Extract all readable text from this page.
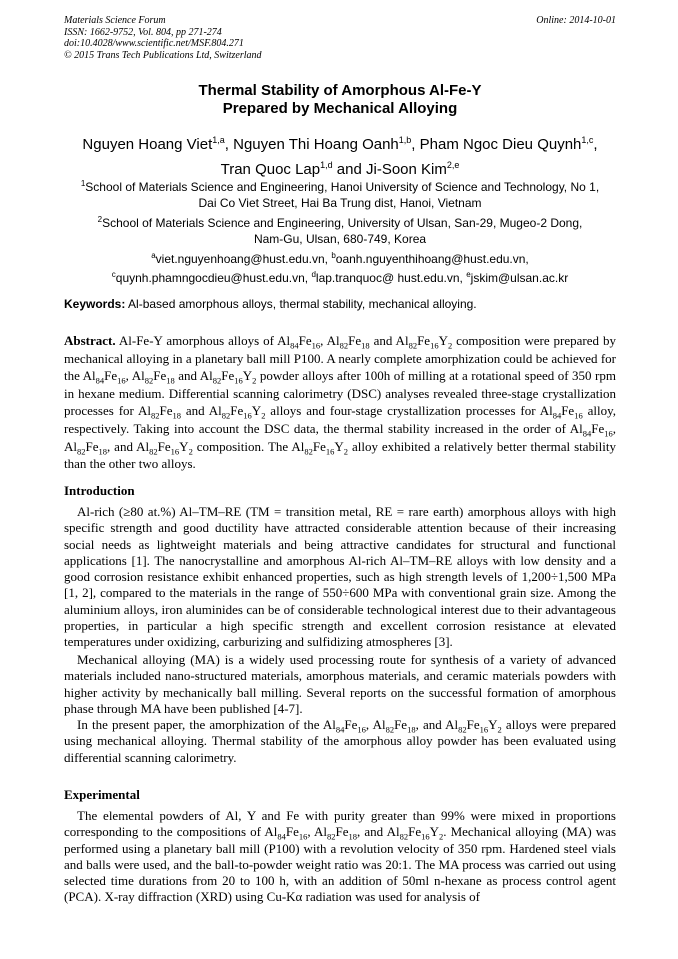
Materials Science Forum
ISSN: 1662-9752, Vol. 804, pp 271-274
doi:10.4028/www.scientific.net/MSF.804.271
© 2015 Trans Tech Publications Ltd, Switzerland
Online: 2014-10-01
Thermal Stability of Amorphous Al-Fe-Y
Prepared by Mechanical Alloying
Nguyen Hoang Viet$^{1,a}$, Nguyen Thi Hoang Oanh$^{1,b}$, Pham Ngoc Dieu Quynh$^{1,c}$,
Tran Quoc Lap$^{1,d}$ and Ji-Soon Kim$^{2,e}$
$^1$School of Materials Science and Engineering, Hanoi University of Science and Technology, No 1,
Dai Co Viet Street, Hai Ba Trung dist, Hanoi, Vietnam
$^2$School of Materials Science and Engineering, University of Ulsan, San-29, Mugeo-2 Dong,
Nam-Gu, Ulsan, 680-749, Korea
$^a$viet.nguyenhoang@hust.edu.vn, $^b$oanh.nguyenthihoang@hust.edu.vn,
$^c$quynh.phamngocdieu@hust.edu.vn, $^d$lap.tranquoc@ hust.edu.vn, $^e$jskim@ulsan.ac.kr
Keywords: Al-based amorphous alloys, thermal stability, mechanical alloying.
Abstract. Al-Fe-Y amorphous alloys of $Al_{84}Fe_{16}$, $Al_{82}Fe_{18}$ and $Al_{82}Fe_{16}Y_2$ composition were prepared by mechanical alloying in a planetary ball mill P100. A nearly complete amorphization could be achieved for the $Al_{84}Fe_{16}$, $Al_{82}Fe_{18}$ and $Al_{82}Fe_{16}Y_2$ powder alloys after 100h of milling at a rotational speed of 350 rpm in hexane medium. Differential scanning calorimetry (DSC) analyses revealed three-stage crystallization processes for $Al_{82}Fe_{18}$ and $Al_{82}Fe_{16}Y_2$ alloys and four-stage crystallization processes for $Al_{84}Fe_{16}$ alloy, respectively. Taking into account the DSC data, the thermal stability increased in the order of $Al_{84}Fe_{16}$, $Al_{82}Fe_{18}$, and $Al_{82}Fe_{16}Y_2$ composition. The $Al_{82}Fe_{16}Y_2$ alloy exhibited a relatively better thermal stability than the other two alloys.
Introduction
Al-rich (≥80 at.%) Al–TM–RE (TM = transition metal, RE = rare earth) amorphous alloys with high specific strength and good ductility have attracted considerable attention because of their increasing social needs as lightweight materials and being attractive candidates for structural and functional applications [1]. The nanocrystalline and amorphous Al-rich Al–TM–RE alloys with low density and a good corrosion resistance exhibit enhanced properties, such as high strength levels of 1,200÷1,500 MPa [1, 2], compared to the materials in the range of 550÷600 MPa with conventional grain size. Among the aluminium alloys, iron aluminides can be of considerable technological interest due to their advantageous properties, in particular a high specific strength and excellent corrosion resistance at elevated temperatures under oxidizing, carburizing and sulfidizing atmospheres [3].
Mechanical alloying (MA) is a widely used processing route for synthesis of a variety of advanced materials included nano-structured materials, amorphous materials, and ceramic materials powders with higher activity by mechanically ball milling. Several reports on the successful formation of amorphous phase through MA have been published [4-7].
In the present paper, the amorphization of the $Al_{84}Fe_{16}$, $Al_{82}Fe_{18}$, and $Al_{82}Fe_{16}Y_2$ alloys were prepared using mechanical alloying. Thermal stability of the amorphous alloy powder has been evaluated using differential scanning calorimetry.
Experimental
The elemental powders of Al, Y and Fe with purity greater than 99% were mixed in proportions corresponding to the compositions of $Al_{84}Fe_{16}$, $Al_{82}Fe_{18}$, and $Al_{82}Fe_{16}Y_2$. Mechanical alloying (MA) was performed using a planetary ball mill (P100) with a revolution velocity of 350 rpm. Hardened steel vials and balls were used, and the ball-to-powder weight ratio was 20:1. The MA process was carried out using selected time durations from 20 to 100 h, with an addition of 50ml n-hexane as process control agent (PCA). X-ray diffraction (XRD) using Cu-Kα radiation was used for analysis of
